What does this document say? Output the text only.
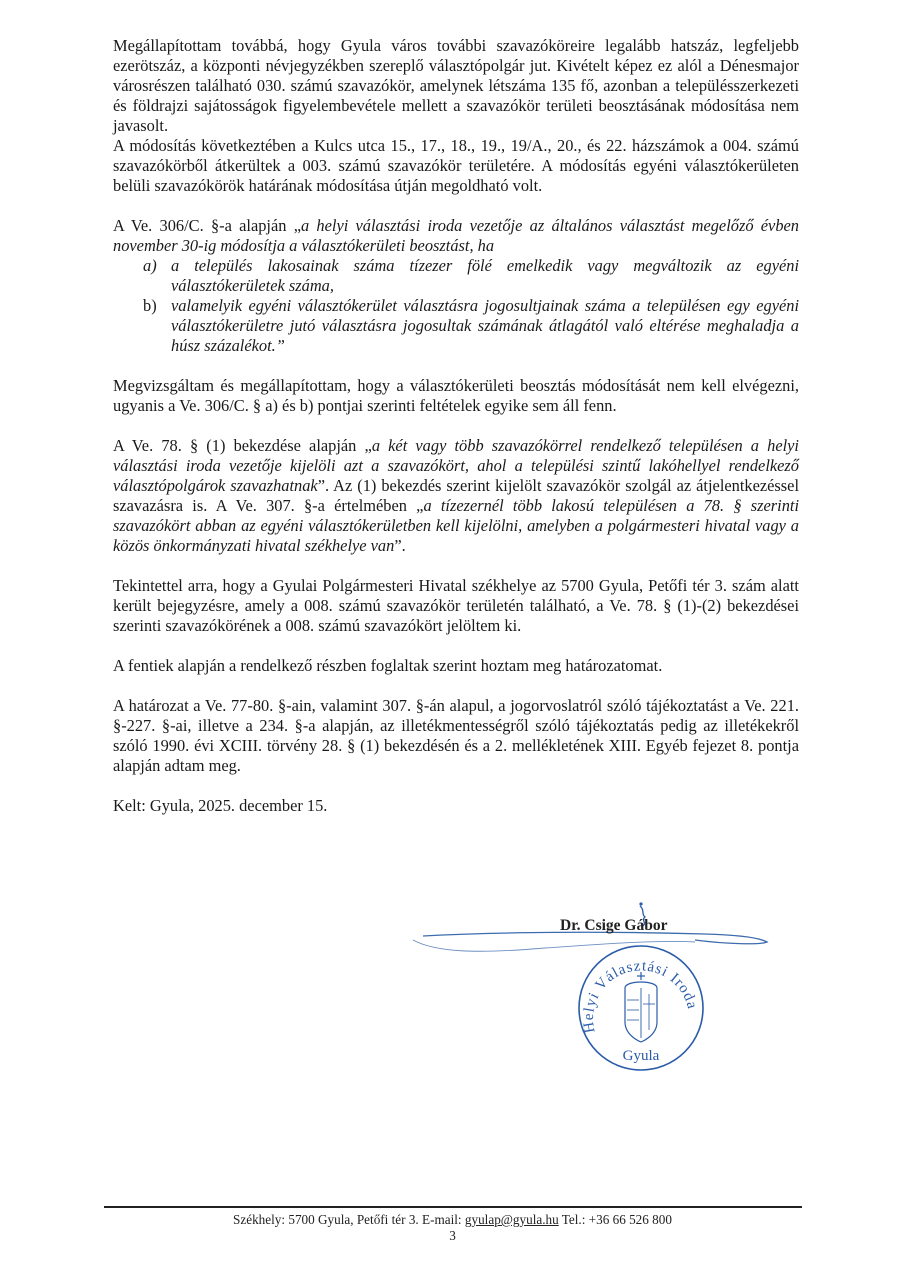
Megállapítottam továbbá, hogy Gyula város további szavazóköreire legalább hatszáz, legfeljebb ezerötszáz, a központi névjegyzékben szereplő választópolgár jut. Kivételt képez ez alól a Dénesmajor városrészen található 030. számú szavazókör, amelynek létszáma 135 fő, azonban a településszerkezeti és földrajzi sajátosságok figyelembevétele mellett a szavazókör területi beosztásának módosítása nem javasolt.

A módosítás következtében a Kulcs utca 15., 17., 18., 19., 19/A., 20., és 22. házszámok a 004. számú szavazókörből átkerültek a 003. számú szavazókör területére. A módosítás egyéni választókerületen belüli szavazókörök határának módosítása útján megoldható volt.

A Ve. 306/C. §-a alapján „a helyi választási iroda vezetője az általános választást megelőző évben november 30-ig módosítja a választókerületi beosztást, ha

a) a település lakosainak száma tízezer fölé emelkedik vagy megváltozik az egyéni választókerületek száma,
b) valamelyik egyéni választókerület választásra jogosultjainak száma a településen egy egyéni választókerületre jutó választásra jogosultak számának átlagától való eltérése meghaladja a húsz százalékot.”

Megvizsgáltam és megállapítottam, hogy a választókerületi beosztás módosítását nem kell elvégezni, ugyanis a Ve. 306/C. § a) és b) pontjai szerinti feltételek egyike sem áll fenn.

A Ve. 78. § (1) bekezdése alapján „a két vagy több szavazókörrel rendelkező településen a helyi választási iroda vezetője kijelöli azt a szavazókört, ahol a települési szintű lakóhellyel rendelkező választópolgárok szavazhatnak”. Az (1) bekezdés szerint kijelölt szavazókör szolgál az átjelentkezéssel szavazásra is. A Ve. 307. §-a értelmében „a tízezernél több lakosú településen a 78. § szerinti szavazókört abban az egyéni választókerületben kell kijelölni, amelyben a polgármesteri hivatal vagy a közös önkormányzati hivatal székhelye van”.

Tekintettel arra, hogy a Gyulai Polgármesteri Hivatal székhelye az 5700 Gyula, Petőfi tér 3. szám alatt került bejegyzésre, amely a 008. számú szavazókör területén található, a Ve. 78. § (1)-(2) bekezdései szerinti szavazókörének a 008. számú szavazókört jelöltem ki.

A fentiek alapján a rendelkező részben foglaltak szerint hoztam meg határozatomat.

A határozat a Ve. 77-80. §-ain, valamint 307. §-án alapul, a jogorvoslatról szóló tájékoztatást a Ve. 221. §-227. §-ai, illetve a 234. §-a alapján, az illetékmentességről szóló tájékoztatás pedig az illetékekről szóló 1990. évi XCIII. törvény 28. § (1) bekezdésén és a 2. mellékletének XIII. Egyéb fejezet 8. pontja alapján adtam meg.

Kelt: Gyula, 2025. december 15.

Helyi Választási Iroda
Gyula
Dr. Csige Gábor
Székhely: 5700 Gyula, Petőfi tér 3. E-mail: gyulap@gyula.hu Tel.: +36 66 526 800
3
